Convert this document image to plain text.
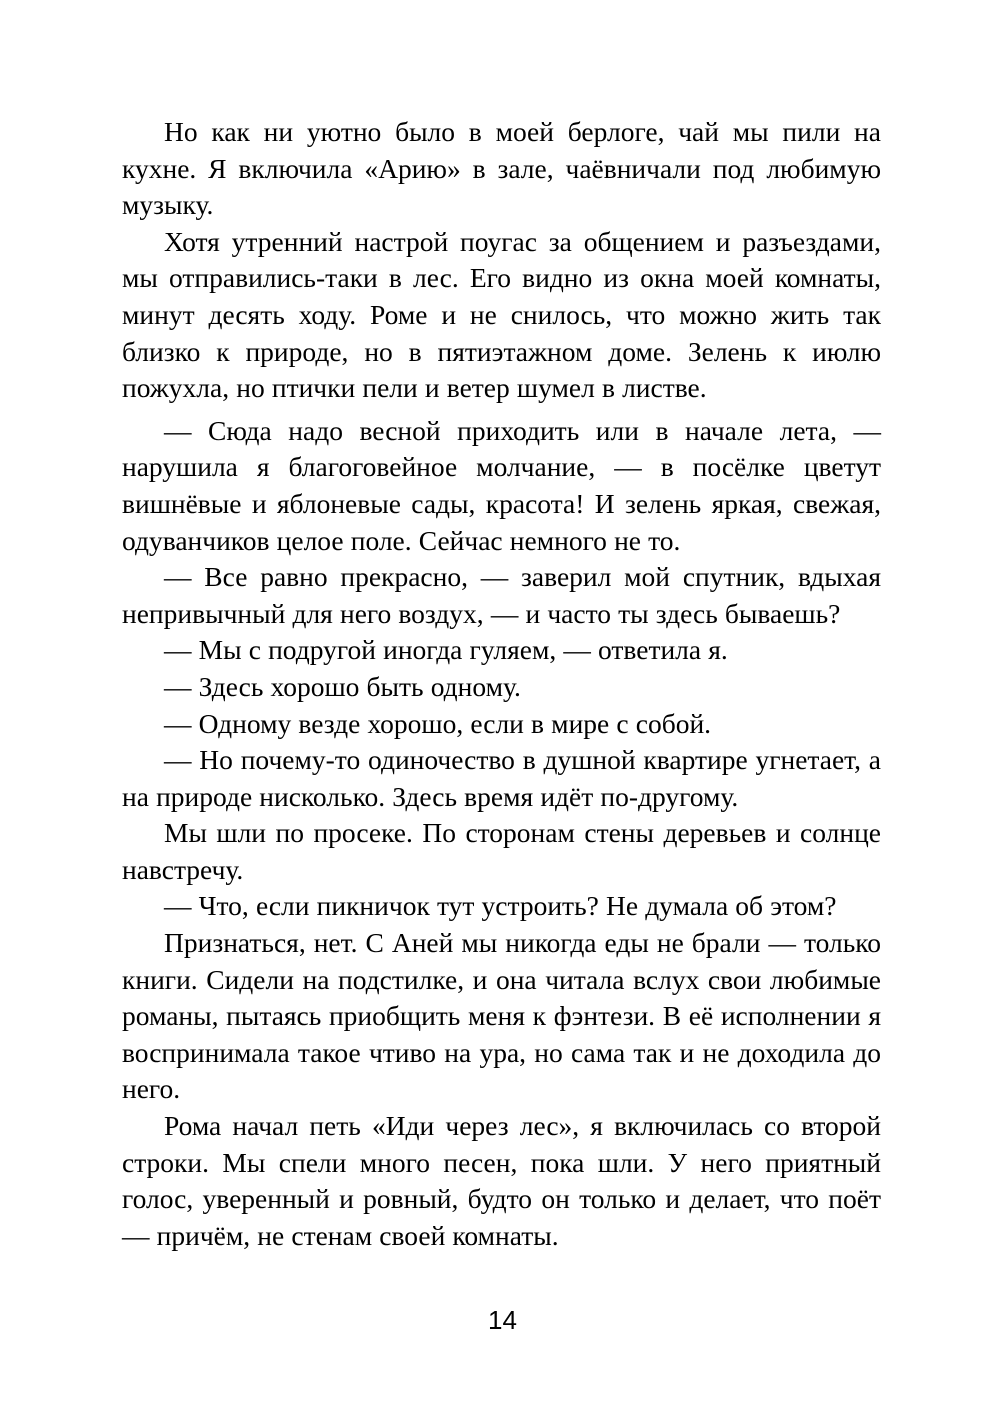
Но как ни уютно было в моей берлоге, чай мы пили на кухне. Я включила «Арию» в зале, чаёвничали под любимую музыку.

Хотя утренний настрой поугас за общением и разъездами, мы отправились-таки в лес. Его видно из окна моей комнаты, минут десять ходу. Роме и не снилось, что можно жить так близко к природе, но в пятиэтажном доме. Зелень к июлю пожухла, но птички пели и ветер шумел в листве.

— Сюда надо весной приходить или в начале лета, — нарушила я благоговейное молчание, — в посёлке цветут вишнёвые и яблоневые сады, красота! И зелень яркая, свежая, одуванчиков целое поле. Сейчас немного не то.

— Все равно прекрасно, — заверил мой спутник, вдыхая непривычный для него воздух, — и часто ты здесь бываешь?

— Мы с подругой иногда гуляем, — ответила я.

— Здесь хорошо быть одному.

— Одному везде хорошо, если в мире с собой.

— Но почему-то одиночество в душной квартире угнетает, а на природе нисколько. Здесь время идёт по-другому.

Мы шли по просеке. По сторонам стены деревьев и солнце навстречу.

— Что, если пикничок тут устроить? Не думала об этом?

Признаться, нет. С Аней мы никогда еды не брали — только книги. Сидели на подстилке, и она читала вслух свои любимые романы, пытаясь приобщить меня к фэнтези. В её исполнении я воспринимала такое чтиво на ура, но сама так и не доходила до него.

Рома начал петь «Иди через лес», я включилась со второй строки. Мы спели много песен, пока шли. У него приятный голос, уверенный и ровный, будто он только и делает, что поёт — причём, не стенам своей комнаты.

14
